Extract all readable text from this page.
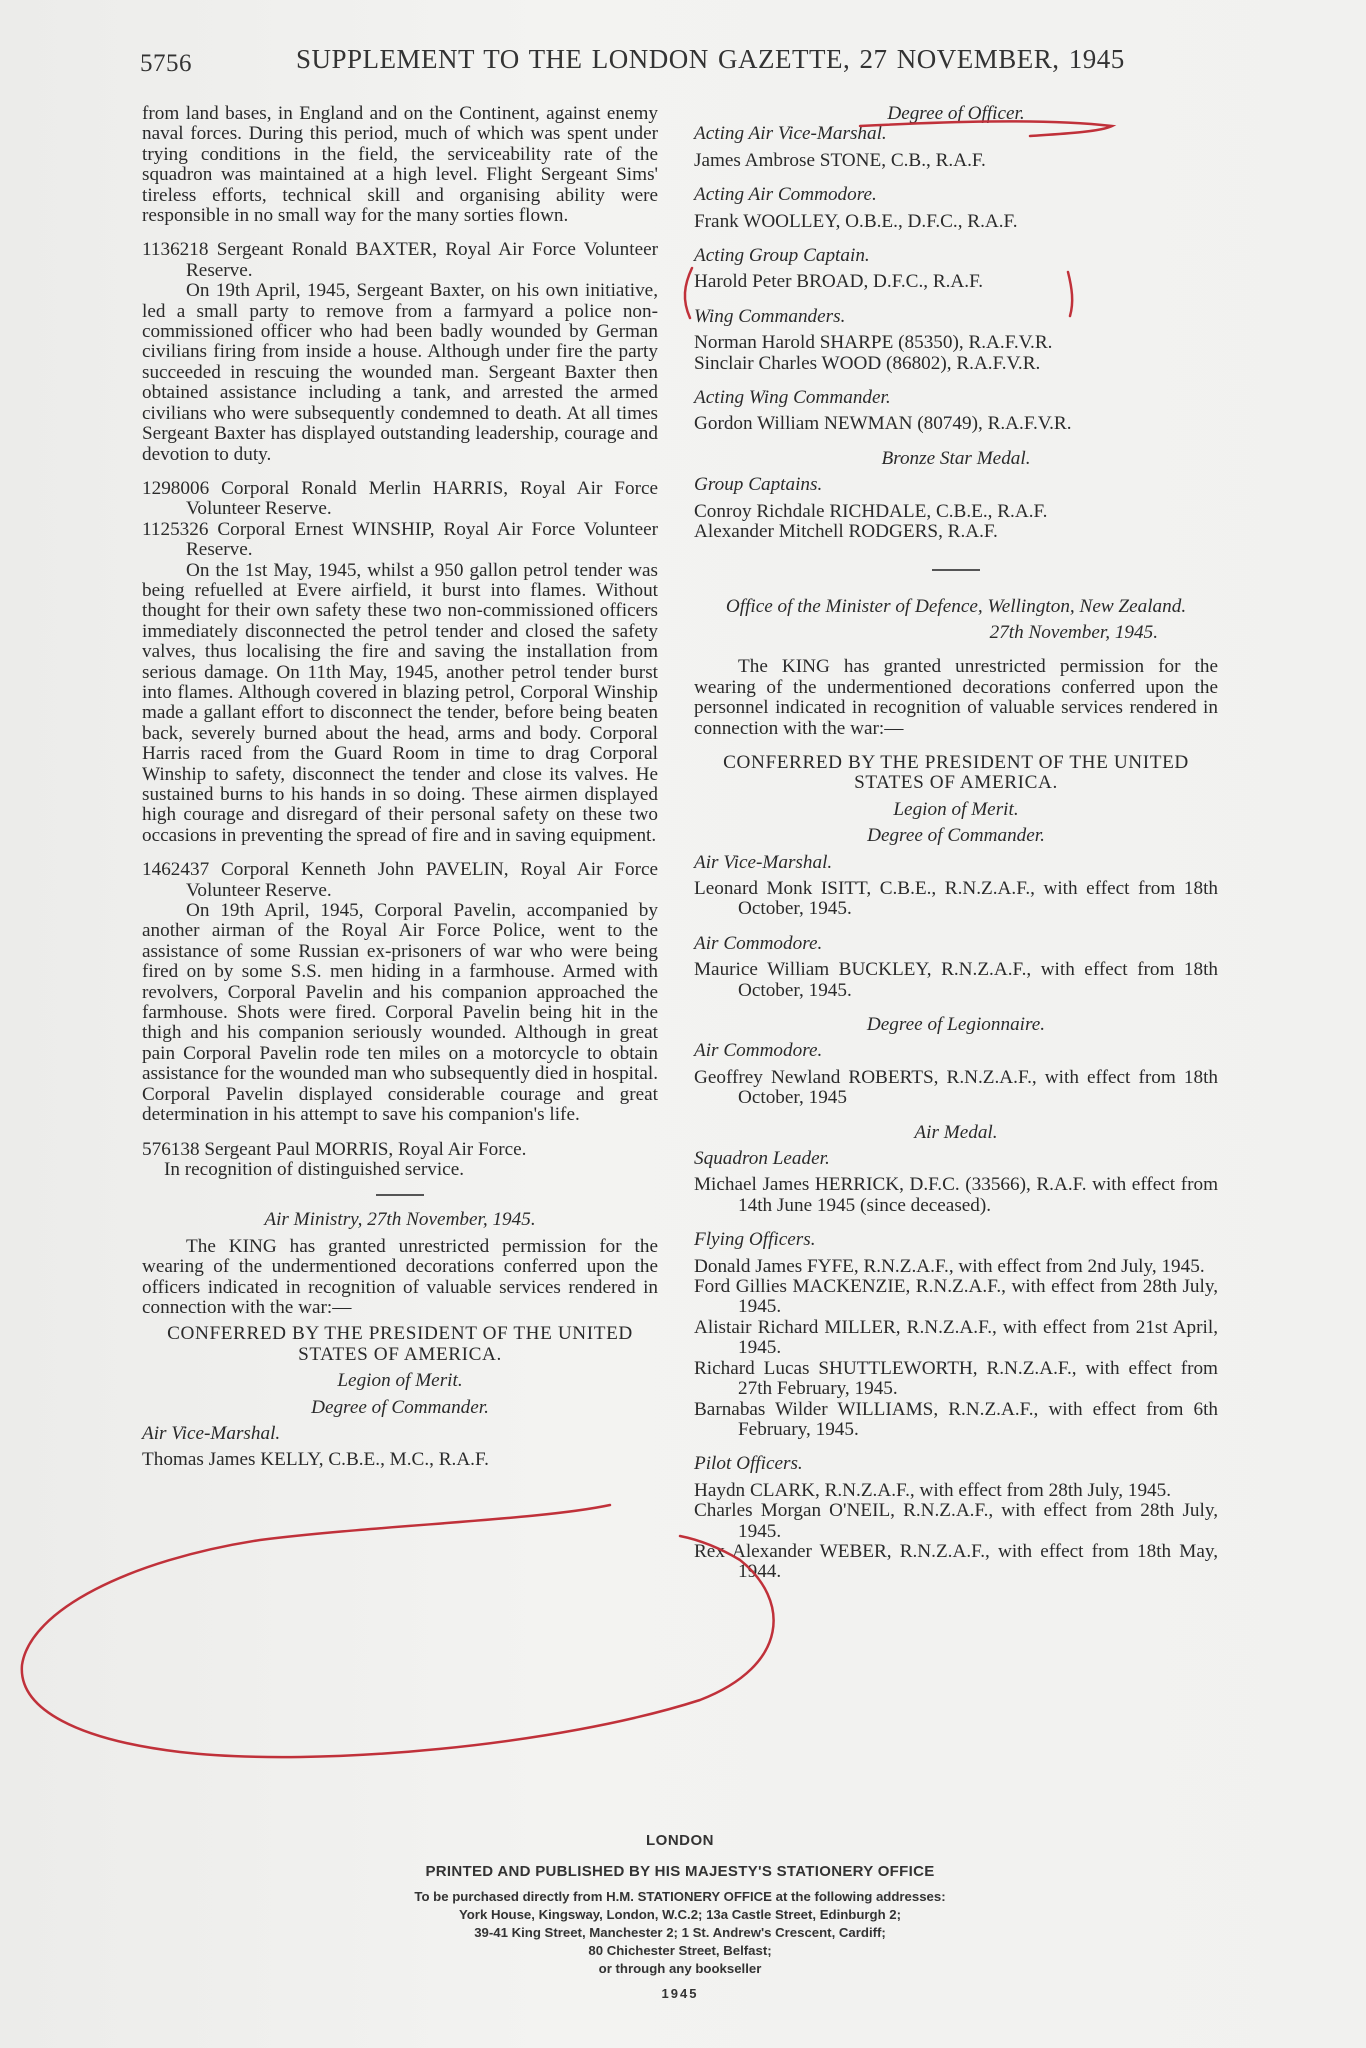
5756	SUPPLEMENT TO THE LONDON GAZETTE, 27 NOVEMBER, 1945

from land bases, in England and on the Continent, against enemy naval forces. During this period, much of which was spent under trying conditions in the field, the serviceability rate of the squadron was maintained at a high level. Flight Sergeant Sims' tireless efforts, technical skill and organising ability were responsible in no small way for the many sorties flown.

1136218 Sergeant Ronald BAXTER, Royal Air Force Volunteer Reserve.

On 19th April, 1945, Sergeant Baxter, on his own initiative, led a small party to remove from a farmyard a police non-commissioned officer who had been badly wounded by German civilians firing from inside a house. Although under fire the party succeeded in rescuing the wounded man. Sergeant Baxter then obtained assistance including a tank, and arrested the armed civilians who were subsequently condemned to death. At all times Sergeant Baxter has displayed outstanding leadership, courage and devotion to duty.

1298006 Corporal Ronald Merlin HARRIS, Royal Air Force Volunteer Reserve.

1125326 Corporal Ernest WINSHIP, Royal Air Force Volunteer Reserve.

On the 1st May, 1945, whilst a 950 gallon petrol tender was being refuelled at Evere airfield, it burst into flames. Without thought for their own safety these two non-commissioned officers immediately disconnected the petrol tender and closed the safety valves, thus localising the fire and saving the installation from serious damage. On 11th May, 1945, another petrol tender burst into flames. Although covered in blazing petrol, Corporal Winship made a gallant effort to disconnect the tender, before being beaten back, severely burned about the head, arms and body. Corporal Harris raced from the Guard Room in time to drag Corporal Winship to safety, disconnect the tender and close its valves. He sustained burns to his hands in so doing. These airmen displayed high courage and disregard of their personal safety on these two occasions in preventing the spread of fire and in saving equipment.

1462437 Corporal Kenneth John PAVELIN, Royal Air Force Volunteer Reserve.

On 19th April, 1945, Corporal Pavelin, accompanied by another airman of the Royal Air Force Police, went to the assistance of some Russian ex-prisoners of war who were being fired on by some S.S. men hiding in a farmhouse. Armed with revolvers, Corporal Pavelin and his companion approached the farmhouse. Shots were fired. Corporal Pavelin being hit in the thigh and his companion seriously wounded. Although in great pain Corporal Pavelin rode ten miles on a motorcycle to obtain assistance for the wounded man who subsequently died in hospital. Corporal Pavelin displayed considerable courage and great determination in his attempt to save his companion's life.

576138 Sergeant Paul MORRIS, Royal Air Force.

In recognition of distinguished service.

Air Ministry, 27th November, 1945.

The KING has granted unrestricted permission for the wearing of the undermentioned decorations conferred upon the officers indicated in recognition of valuable services rendered in connection with the war:—

CONFERRED BY THE PRESIDENT OF THE UNITED STATES OF AMERICA.

Legion of Merit.

Degree of Commander.

Air Vice-Marshal.

Thomas James KELLY, C.B.E., M.C., R.A.F.

Degree of Officer.

Acting Air Vice-Marshal.

James Ambrose STONE, C.B., R.A.F.

Acting Air Commodore.

Frank WOOLLEY, O.B.E., D.F.C., R.A.F.

Acting Group Captain.

Harold Peter BROAD, D.F.C., R.A.F.

Wing Commanders.

Norman Harold SHARPE (85350), R.A.F.V.R.

Sinclair Charles WOOD (86802), R.A.F.V.R.

Acting Wing Commander.

Gordon William NEWMAN (80749), R.A.F.V.R.

Bronze Star Medal.

Group Captains.

Conroy Richdale RICHDALE, C.B.E., R.A.F.

Alexander Mitchell RODGERS, R.A.F.

Office of the Minister of Defence, Wellington, New Zealand.

27th November, 1945.

The KING has granted unrestricted permission for the wearing of the undermentioned decorations conferred upon the personnel indicated in recognition of valuable services rendered in connection with the war:—

CONFERRED BY THE PRESIDENT OF THE UNITED STATES OF AMERICA.

Legion of Merit.

Degree of Commander.

Air Vice-Marshal.

Leonard Monk ISITT, C.B.E., R.N.Z.A.F., with effect from 18th October, 1945.

Air Commodore.

Maurice William BUCKLEY, R.N.Z.A.F., with effect from 18th October, 1945.

Degree of Legionnaire.

Air Commodore.

Geoffrey Newland ROBERTS, R.N.Z.A.F., with effect from 18th October, 1945

Air Medal.

Squadron Leader.

Michael James HERRICK, D.F.C. (33566), R.A.F. with effect from 14th June 1945 (since deceased).

Flying Officers.

Donald James FYFE, R.N.Z.A.F., with effect from 2nd July, 1945.

Ford Gillies MACKENZIE, R.N.Z.A.F., with effect from 28th July, 1945.

Alistair Richard MILLER, R.N.Z.A.F., with effect from 21st April, 1945.

Richard Lucas SHUTTLEWORTH, R.N.Z.A.F., with effect from 27th February, 1945.

Barnabas Wilder WILLIAMS, R.N.Z.A.F., with effect from 6th February, 1945.

Pilot Officers.

Haydn CLARK, R.N.Z.A.F., with effect from 28th July, 1945.

Charles Morgan O'NEIL, R.N.Z.A.F., with effect from 28th July, 1945.

Rex Alexander WEBER, R.N.Z.A.F., with effect from 18th May, 1944.

LONDON
PRINTED AND PUBLISHED BY HIS MAJESTY'S STATIONERY OFFICE
To be purchased directly from H.M. STATIONERY OFFICE at the following addresses:
York House, Kingsway, London, W.C.2; 13a Castle Street, Edinburgh 2;
39-41 King Street, Manchester 2; 1 St. Andrew's Crescent, Cardiff;
80 Chichester Street, Belfast;
or through any bookseller
1945
